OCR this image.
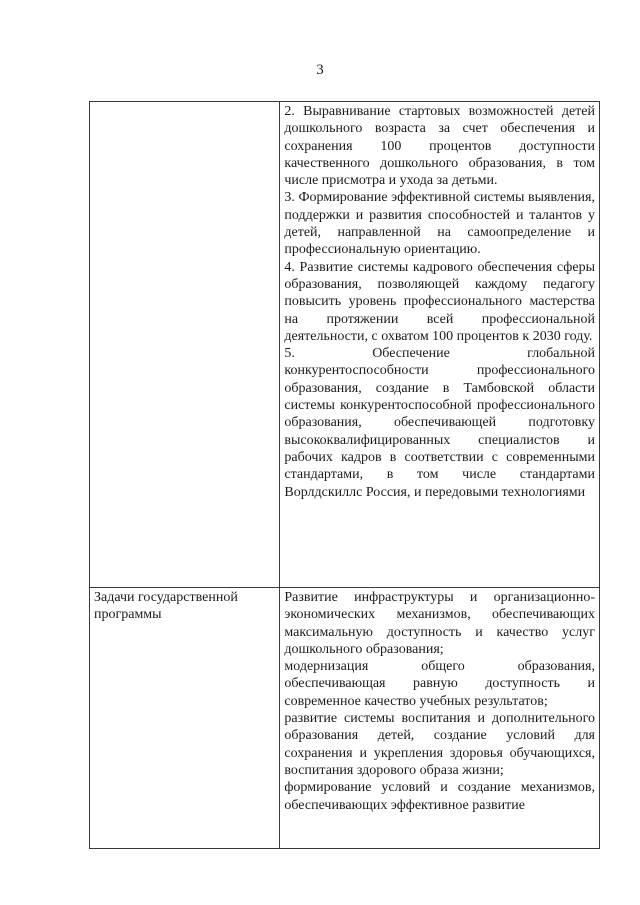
3

	2. Выравнивание стартовых возможностей детей дошкольного возраста за счет обеспечения и сохранения 100 процентов доступности качественного дошкольного образования, в том числе присмотра и ухода за детьми.

3. Формирование эффективной системы выявления, поддержки и развития способностей и талантов у детей, направленной на самоопределение и профессиональную ориентацию.

4. Развитие системы кадрового обеспечения сферы образования, позволяющей каждому педагогу повысить уровень профессионального мастерства на протяжении всей профессиональной деятельности, с охватом 100 процентов к 2030 году.

5. Обеспечение глобальной конкурентоспособности профессионального образования, создание в Тамбовской области системы конкурентоспособной профессионального образования, обеспечивающей подготовку высококвалифицированных специалистов и рабочих кадров в соответствии с современными стандартами, в том числе стандартами Ворлдскиллс Россия, и передовыми технологиями

Задачи государственной программы	Развитие инфраструктуры и организационно-экономических механизмов, обеспечивающих максимальную доступность и качество услуг дошкольного образования;

модернизация общего образования, обеспечивающая равную доступность и современное качество учебных результатов;

развитие системы воспитания и дополнительного образования детей, создание условий для сохранения и укрепления здоровья обучающихся, воспитания здорового образа жизни;

формирование условий и создание механизмов, обеспечивающих эффективное развитие
